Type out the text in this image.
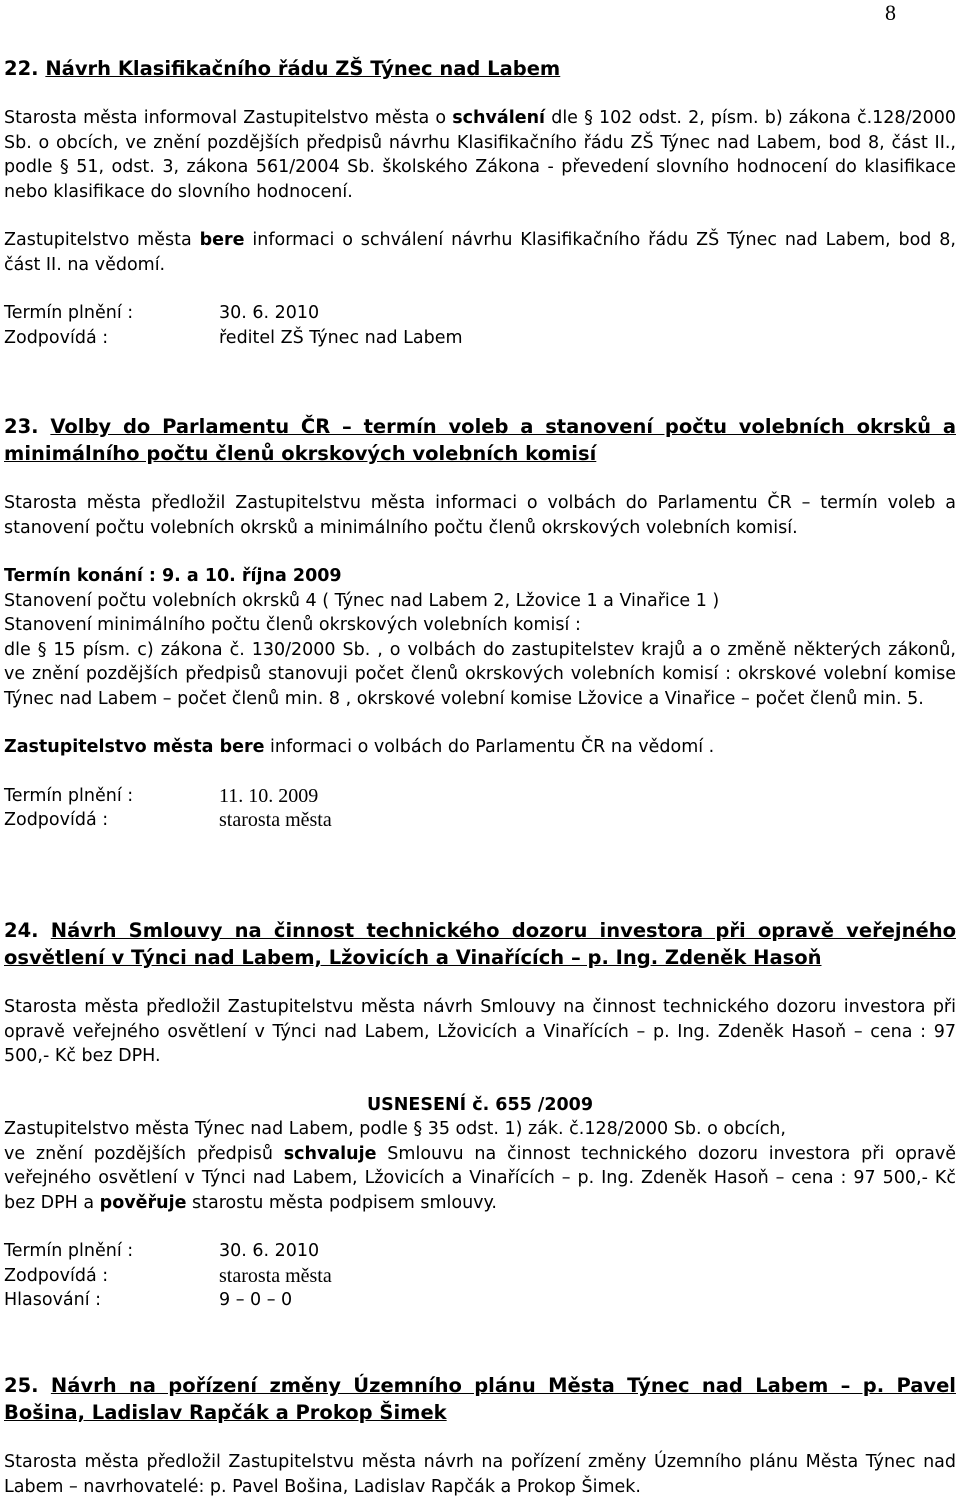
8
22. Návrh Klasifikačního řádu ZŠ Týnec nad Labem

Starosta města informoval Zastupitelstvo města o schválení dle § 102 odst. 2, písm. b) zákona č.128/2000 Sb. o obcích, ve znění pozdějších předpisů návrhu Klasifikačního řádu ZŠ Týnec nad Labem, bod 8, část II., podle § 51, odst. 3, zákona 561/2004 Sb. školského Zákona - převedení slovního hodnocení do klasifikace nebo klasifikace do slovního hodnocení.

Zastupitelstvo města bere informaci o schválení návrhu Klasifikačního řádu ZŠ Týnec nad Labem, bod 8, část II. na vědomí.

Termín plnění :	30. 6. 2010
Zodpovídá :	ředitel ZŠ Týnec nad Labem
23. Volby do Parlamentu ČR – termín voleb a stanovení počtu volebních okrsků a minimálního počtu členů okrskových volebních komisí

Starosta města předložil Zastupitelstvu města informaci o volbách do Parlamentu ČR – termín voleb a stanovení počtu volebních okrsků a minimálního počtu členů okrskových volebních komisí.

Termín konání : 9. a 10. října 2009

Stanovení počtu volebních okrsků 4 ( Týnec nad Labem 2, Lžovice 1 a Vinařice 1 )

Stanovení minimálního počtu členů okrskových volebních komisí :

dle § 15 písm. c) zákona č. 130/2000 Sb. , o volbách do zastupitelstev krajů a o změně některých zákonů, ve znění pozdějších předpisů stanovuji počet členů okrskových volebních komisí : okrskové volební komise Týnec nad Labem – počet členů min. 8 , okrskové volební komise Lžovice a Vinařice – počet členů min. 5.

Zastupitelstvo města bere informaci o volbách do Parlamentu ČR na vědomí .

Termín plnění :	11. 10. 2009
Zodpovídá :	starosta města
24. Návrh Smlouvy na činnost technického dozoru investora při opravě veřejného osvětlení v Týnci nad Labem, Lžovicích a Vinařících – p. Ing. Zdeněk Hasoň

Starosta města předložil Zastupitelstvu města návrh Smlouvy na činnost technického dozoru investora při opravě veřejného osvětlení v Týnci nad Labem, Lžovicích a Vinařících – p. Ing. Zdeněk Hasoň – cena : 97 500,- Kč bez DPH.

USNESENÍ č. 655 /2009

Zastupitelstvo města Týnec nad Labem, podle § 35 odst. 1) zák. č.128/2000 Sb. o obcích,

ve znění pozdějších předpisů schvaluje Smlouvu na činnost technického dozoru investora při opravě veřejného osvětlení v Týnci nad Labem, Lžovicích a Vinařících – p. Ing. Zdeněk Hasoň – cena : 97 500,- Kč bez DPH a pověřuje starostu města podpisem smlouvy.

Termín plnění :	30. 6. 2010
Zodpovídá :	starosta města
Hlasování :	9 – 0 – 0
25. Návrh na pořízení změny Územního plánu Města Týnec nad Labem – p. Pavel Bošina, Ladislav Rapčák a Prokop Šimek

Starosta města předložil Zastupitelstvu města návrh na pořízení změny Územního plánu Města Týnec nad Labem – navrhovatelé: p. Pavel Bošina, Ladislav Rapčák a Prokop Šimek.
